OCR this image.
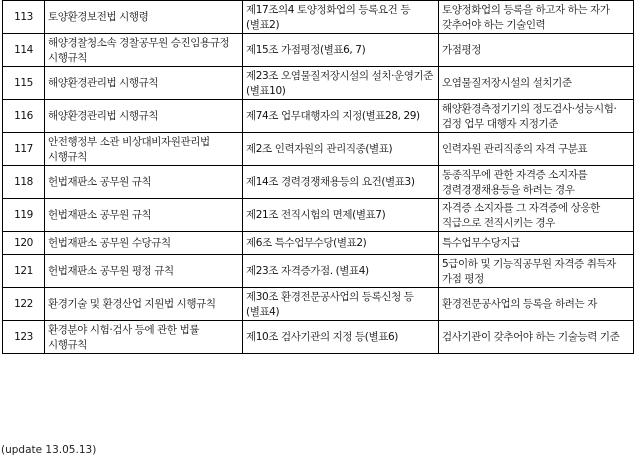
113	토양환경보전법 시행령	제17조의4 토양정화업의 등록요건 등(별표2)	토양정화업의 등록을 하고자 하는 자가 갖추어야 하는 기술인력
114	해양경찰청소속 경찰공무원 승진임용규정 시행규칙	제15조 가점평정(별표6, 7)	가점평정
115	해양환경관리법 시행규칙	제23조 오염물질저장시설의 설치·운영기준(별표10)	오염물질저장시설의 설치기준
116	해양환경관리법 시행규칙	제74조 업무대행자의 지정(별표28, 29)	해양환경측정기기의 정도검사·성능시험·검정 업무 대행자 지정기준
117	안전행정부 소관 비상대비자원관리법 시행규칙	제2조 인력자원의 관리직종(별표)	인력자원 관리직종의 자격 구분표
118	헌법재판소 공무원 규칙	제14조 경력경쟁채용등의 요건(별표3)	동종직무에 관한 자격증 소지자를 경력경쟁채용등을 하려는 경우
119	헌법재판소 공무원 규칙	제21조 전직시험의 면제(별표7)	자격증 소지자를 그 자격증에 상응한 직급으로 전직시키는 경우
120	헌법재판소 공무원 수당규칙	제6조 특수업무수당(별표2)	특수업무수당지급
121	헌법재판소 공무원 평정 규칙	제23조 자격증가점. (별표4)	5급이하 및 기능직공무원 자격증 취득자 가점 평정
122	환경기술 및 환경산업 지원법 시행규칙	제30조 환경전문공사업의 등록신청 등(별표4)	환경전문공사업의 등록을 하려는 자
123	환경분야 시험·검사 등에 관한 법률 시행규칙	제10조 검사기관의 지정 등(별표6)	검사기관이 갖추어야 하는 기술능력 기준
(update 13.05.13)
